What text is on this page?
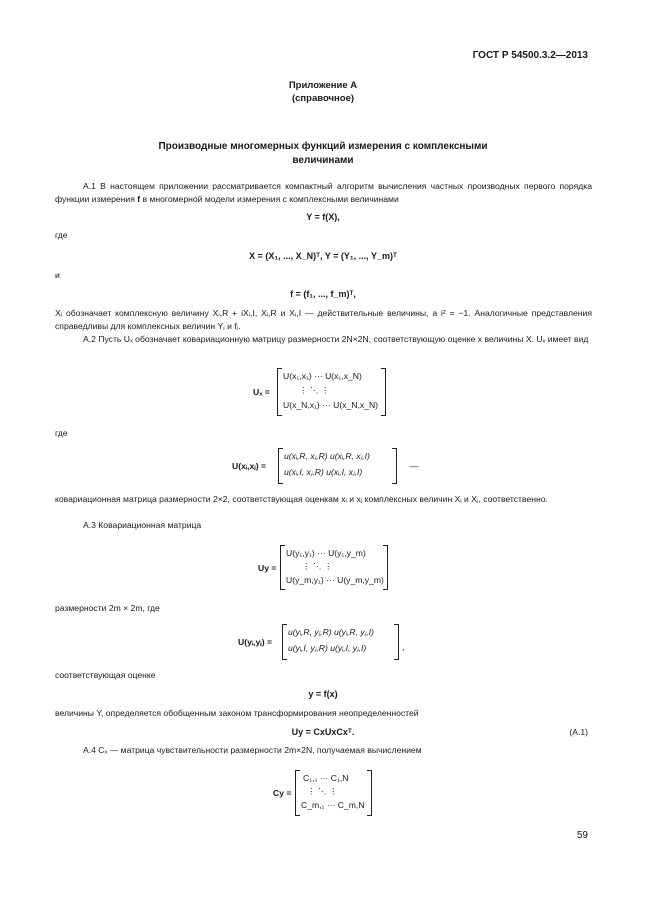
ГОСТ Р 54500.3.2—2013
Приложение А
(справочное)
Производные многомерных функций измерения с комплексными
величинами
А.1 В настоящем приложении рассматривается компактный алгоритм вычисления частных производных первого порядка функции измерения f в многомерной модели измерения с комплексными величинами
Y = f(X),
где
X = (X₁, ..., X_N)ᵀ, Y = (Y₁, ..., Y_m)ᵀ
и
f = (f₁, ..., f_m)ᵀ,
Xᵢ обозначает комплексную величину Xᵢ,R + iXᵢ,I, Xᵢ,R и Xᵢ,I — действительные величины, а i² = −1. Аналогичные представления справедливы для комплексных величин Yⱼ и fⱼ.
А.2 Пусть Uₓ обозначает ковариационную матрицу размерности 2N×2N, соответствующую оценке x величины X. Uₓ имеет вид
Uₓ =
U(x₁,x₁) ··· U(x₁,x_N)
⋮ ⋱ ⋮
U(x_N,x₁) ··· U(x_N,x_N)
где
U(xᵢ,xⱼ) =
u(xᵢ,R, xⱼ,R) u(xᵢ,R, xⱼ,I)
u(xᵢ,I, xⱼ,R) u(xᵢ,I, xⱼ,I)
—
ковариационная матрица размерности 2×2, соответствующая оценкам xᵢ и xⱼ комплексных величин Xᵢ и Xⱼ, соответственно.
А.3 Ковариационная матрица
Uy =
U(y₁,y₁) ··· U(y₁,y_m)
⋮ ⋱ ⋮
U(y_m,y₁) ··· U(y_m,y_m)
размерности 2m × 2m, где
U(yᵢ,yⱼ) =
u(yᵢ,R, yⱼ,R) u(yᵢ,R, yⱼ,I)
u(yᵢ,I, yⱼ,R) u(yᵢ,I, yⱼ,I)	,
соответствующая оценке
y = f(x)
величины Y, определяется обобщенным законом трансформирования неопределенностей
Uy = CxUxCxᵀ.	(А.1)
А.4 Cₓ — матрица чувствительности размерности 2m×2N, получаемая вычислением
Cy =
C₁,₁ ··· C₁,N
⋮ ⋱ ⋮
C_m,₁ ··· C_m,N
59
